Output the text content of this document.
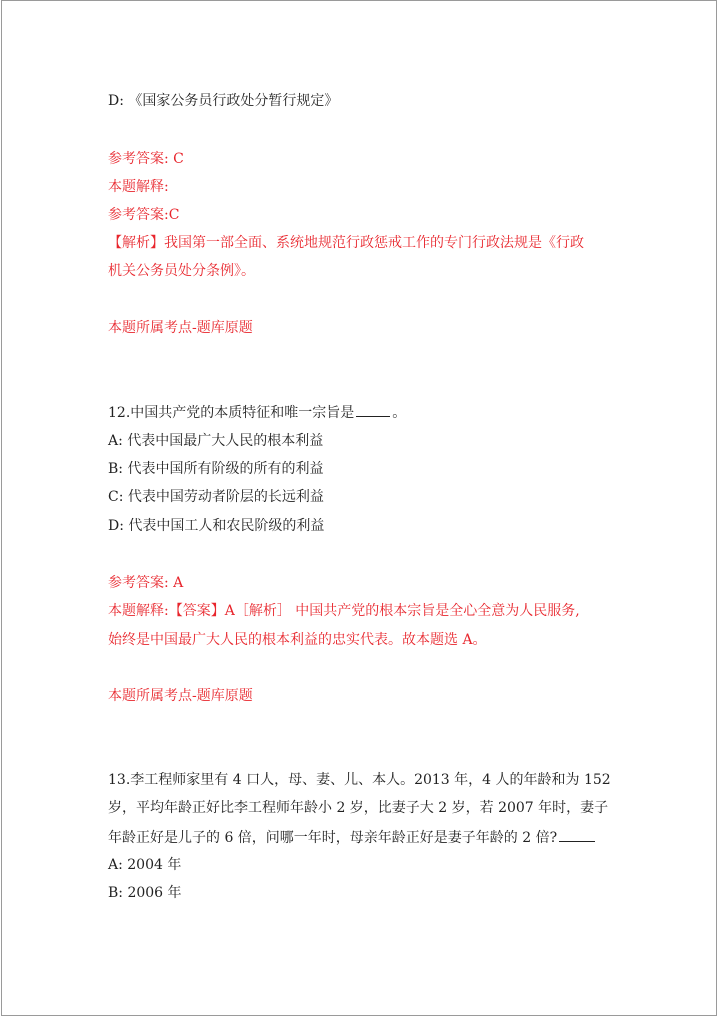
D: 《国家公务员行政处分暂行规定》
参考答案: C
本题解释:
参考答案:C
【解析】我国第一部全面、系统地规范行政惩戒工作的专门行政法规是《行政
机关公务员处分条例》。
本题所属考点-题库原题
12.中国共产党的本质特征和唯一宗旨是	。
A: 代表中国最广大人民的根本利益
B: 代表中国所有阶级的所有的利益
C: 代表中国劳动者阶层的长远利益
D: 代表中国工人和农民阶级的利益
参考答案: A
本题解释:【答案】A［解析］ 中国共产党的根本宗旨是全心全意为人民服务,
始终是中国最广大人民的根本利益的忠实代表。故本题选 A。
本题所属考点-题库原题
13.李工程师家里有 4 口人，母、妻、儿、本人。2013 年，4 人的年龄和为 152
岁，平均年龄正好比李工程师年龄小 2 岁，比妻子大 2 岁，若 2007 年时，妻子
年龄正好是儿子的 6 倍，问哪一年时，母亲年龄正好是妻子年龄的 2 倍?
A: 2004 年
B: 2006 年
